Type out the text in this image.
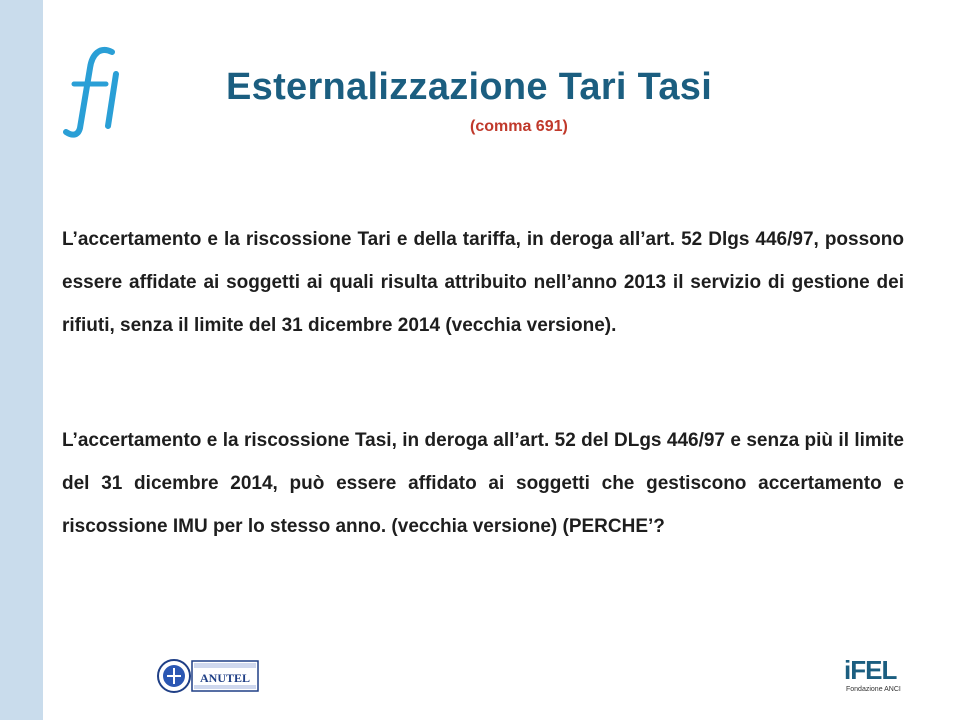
Esternalizzazione Tari Tasi
(comma 691)
L’accertamento e la riscossione Tari e della tariffa, in deroga all’art. 52 Dlgs 446/97, possono essere affidate ai soggetti ai quali risulta attribuito nell’anno 2013 il servizio di gestione dei rifiuti, senza il limite del 31 dicembre 2014 (vecchia versione).
L’accertamento e la riscossione Tasi, in deroga all’art. 52 del DLgs 446/97 e senza più il limite del 31 dicembre 2014, può essere affidato ai soggetti che gestiscono accertamento e riscossione IMU per lo stesso anno. (vecchia versione) (PERCHE’?
ANUTEL	iFEL
Fondazione ANCI
